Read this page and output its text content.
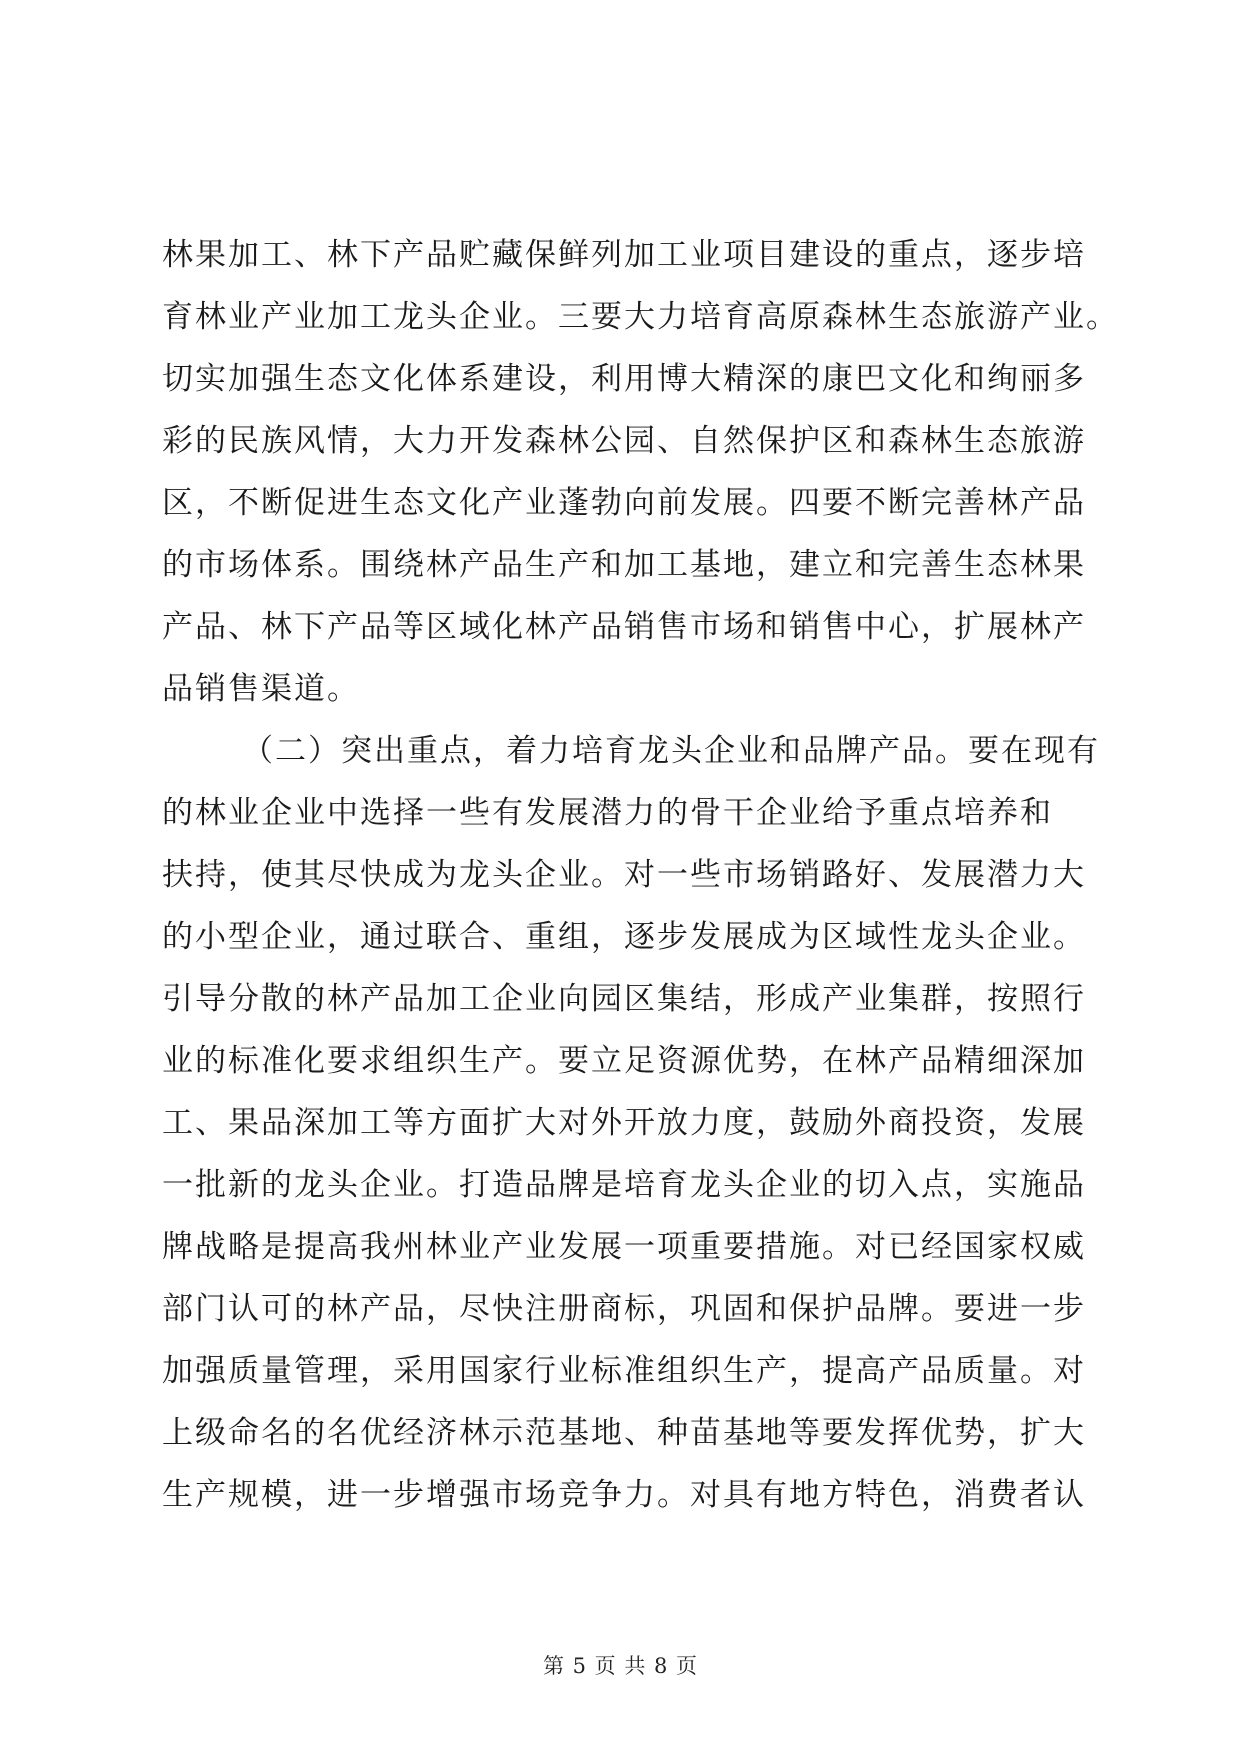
林果加工、林下产品贮藏保鲜列加工业项目建设的重点，逐步培
育林业产业加工龙头企业。三要大力培育高原森林生态旅游产业。
切实加强生态文化体系建设，利用博大精深的康巴文化和绚丽多
彩的民族风情，大力开发森林公园、自然保护区和森林生态旅游
区，不断促进生态文化产业蓬勃向前发展。四要不断完善林产品
的市场体系。围绕林产品生产和加工基地，建立和完善生态林果
产品、林下产品等区域化林产品销售市场和销售中心，扩展林产
品销售渠道。
（二）突出重点，着力培育龙头企业和品牌产品。要在现有
的林业企业中选择一些有发展潜力的骨干企业给予重点培养和
扶持，使其尽快成为龙头企业。对一些市场销路好、发展潜力大
的小型企业，通过联合、重组，逐步发展成为区域性龙头企业。
引导分散的林产品加工企业向园区集结，形成产业集群，按照行
业的标准化要求组织生产。要立足资源优势，在林产品精细深加
工、果品深加工等方面扩大对外开放力度，鼓励外商投资，发展
一批新的龙头企业。打造品牌是培育龙头企业的切入点，实施品
牌战略是提高我州林业产业发展一项重要措施。对已经国家权威
部门认可的林产品，尽快注册商标，巩固和保护品牌。要进一步
加强质量管理，采用国家行业标准组织生产，提高产品质量。对
上级命名的名优经济林示范基地、种苗基地等要发挥优势，扩大
生产规模，进一步增强市场竞争力。对具有地方特色，消费者认
第 5 页 共 8 页
